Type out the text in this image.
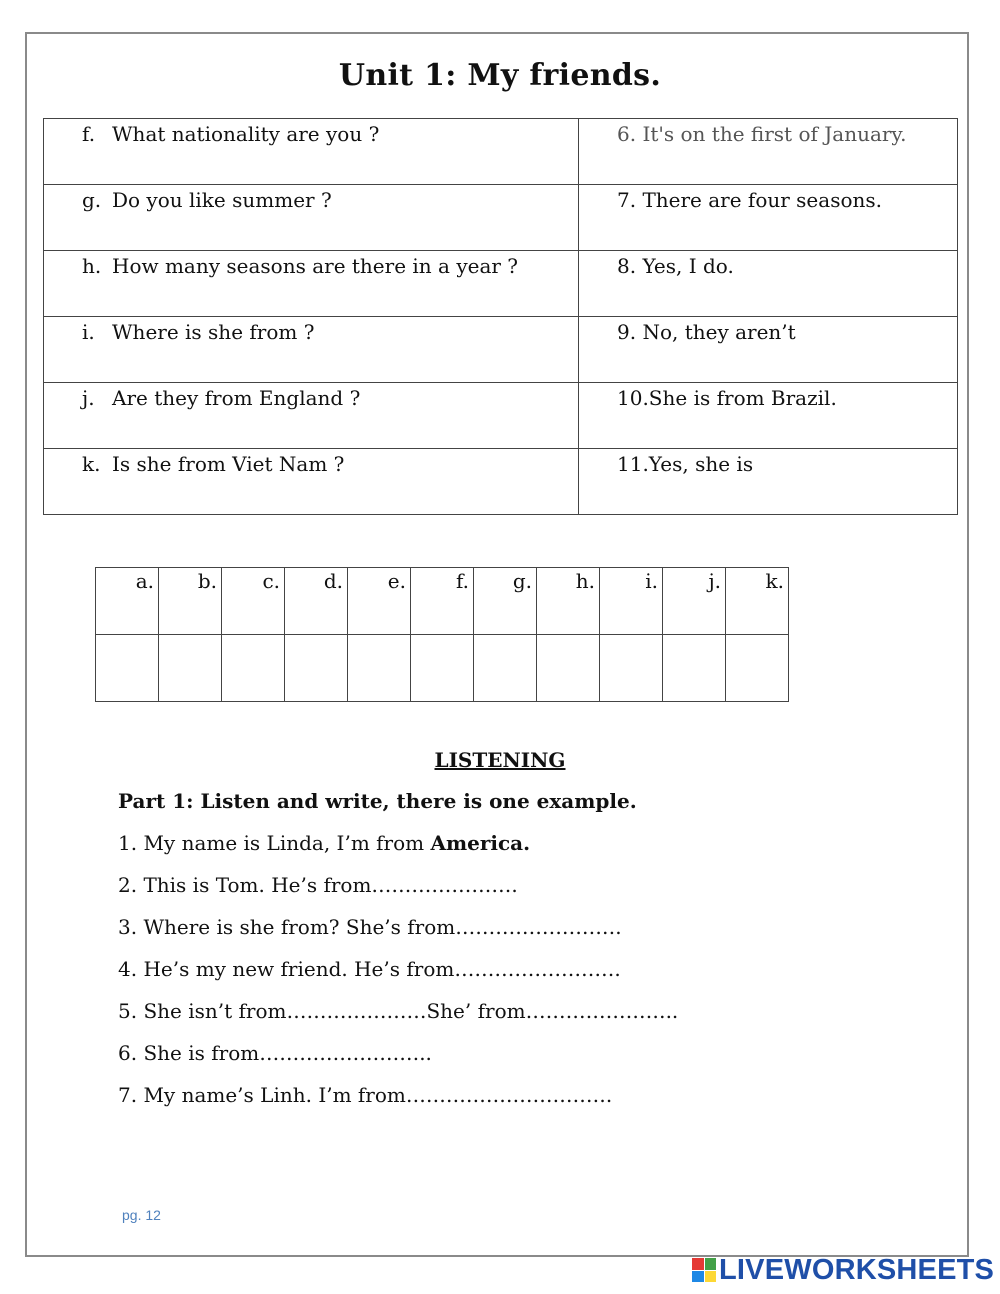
Unit 1: My friends.
f. What nationality are you ?	6. It's on the first of January.
g. Do you like summer ?	7. There are four seasons.
h. How many seasons are there in a year ?	8. Yes, I do.
i. Where is she from ?	9. No, they aren’t
j. Are they from England ?	10.She is from Brazil.
k. Is she from Viet Nam ?	11.Yes, she is
a.	b.	c.	d.	e.	f.	g.	h.	i.	j.	k.

LISTENING
Part 1: Listen and write, there is one example.
1. My name is Linda, I’m from America.
2. This is Tom. He’s from………………….
3. Where is she from? She’s from…………………….
4. He’s my new friend. He’s from…………………….
5. She isn’t from…………………She’ from…………………..
6. She is from……………………..
7. My name’s Linh. I’m from………………………….
pg. 12
LIVEWORKSHEETS
